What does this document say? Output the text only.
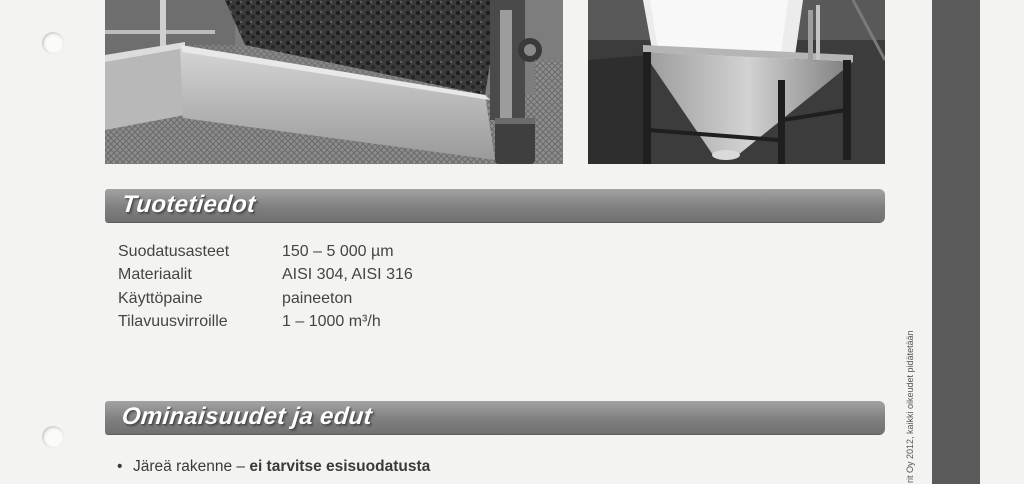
Tuotetiedot
Suodatusasteet	150 – 5 000 µm
Materiaalit	AISI 304, AISI 316
Käyttöpaine	paineeton
Tilavuusvirroille	1 – 1000 m³/h
Ominaisuudet ja edut
• Järeä rakenne – ei tarvitse esisuodatusta	rit Oy 2012, kaikki oikeudet pidätetään
